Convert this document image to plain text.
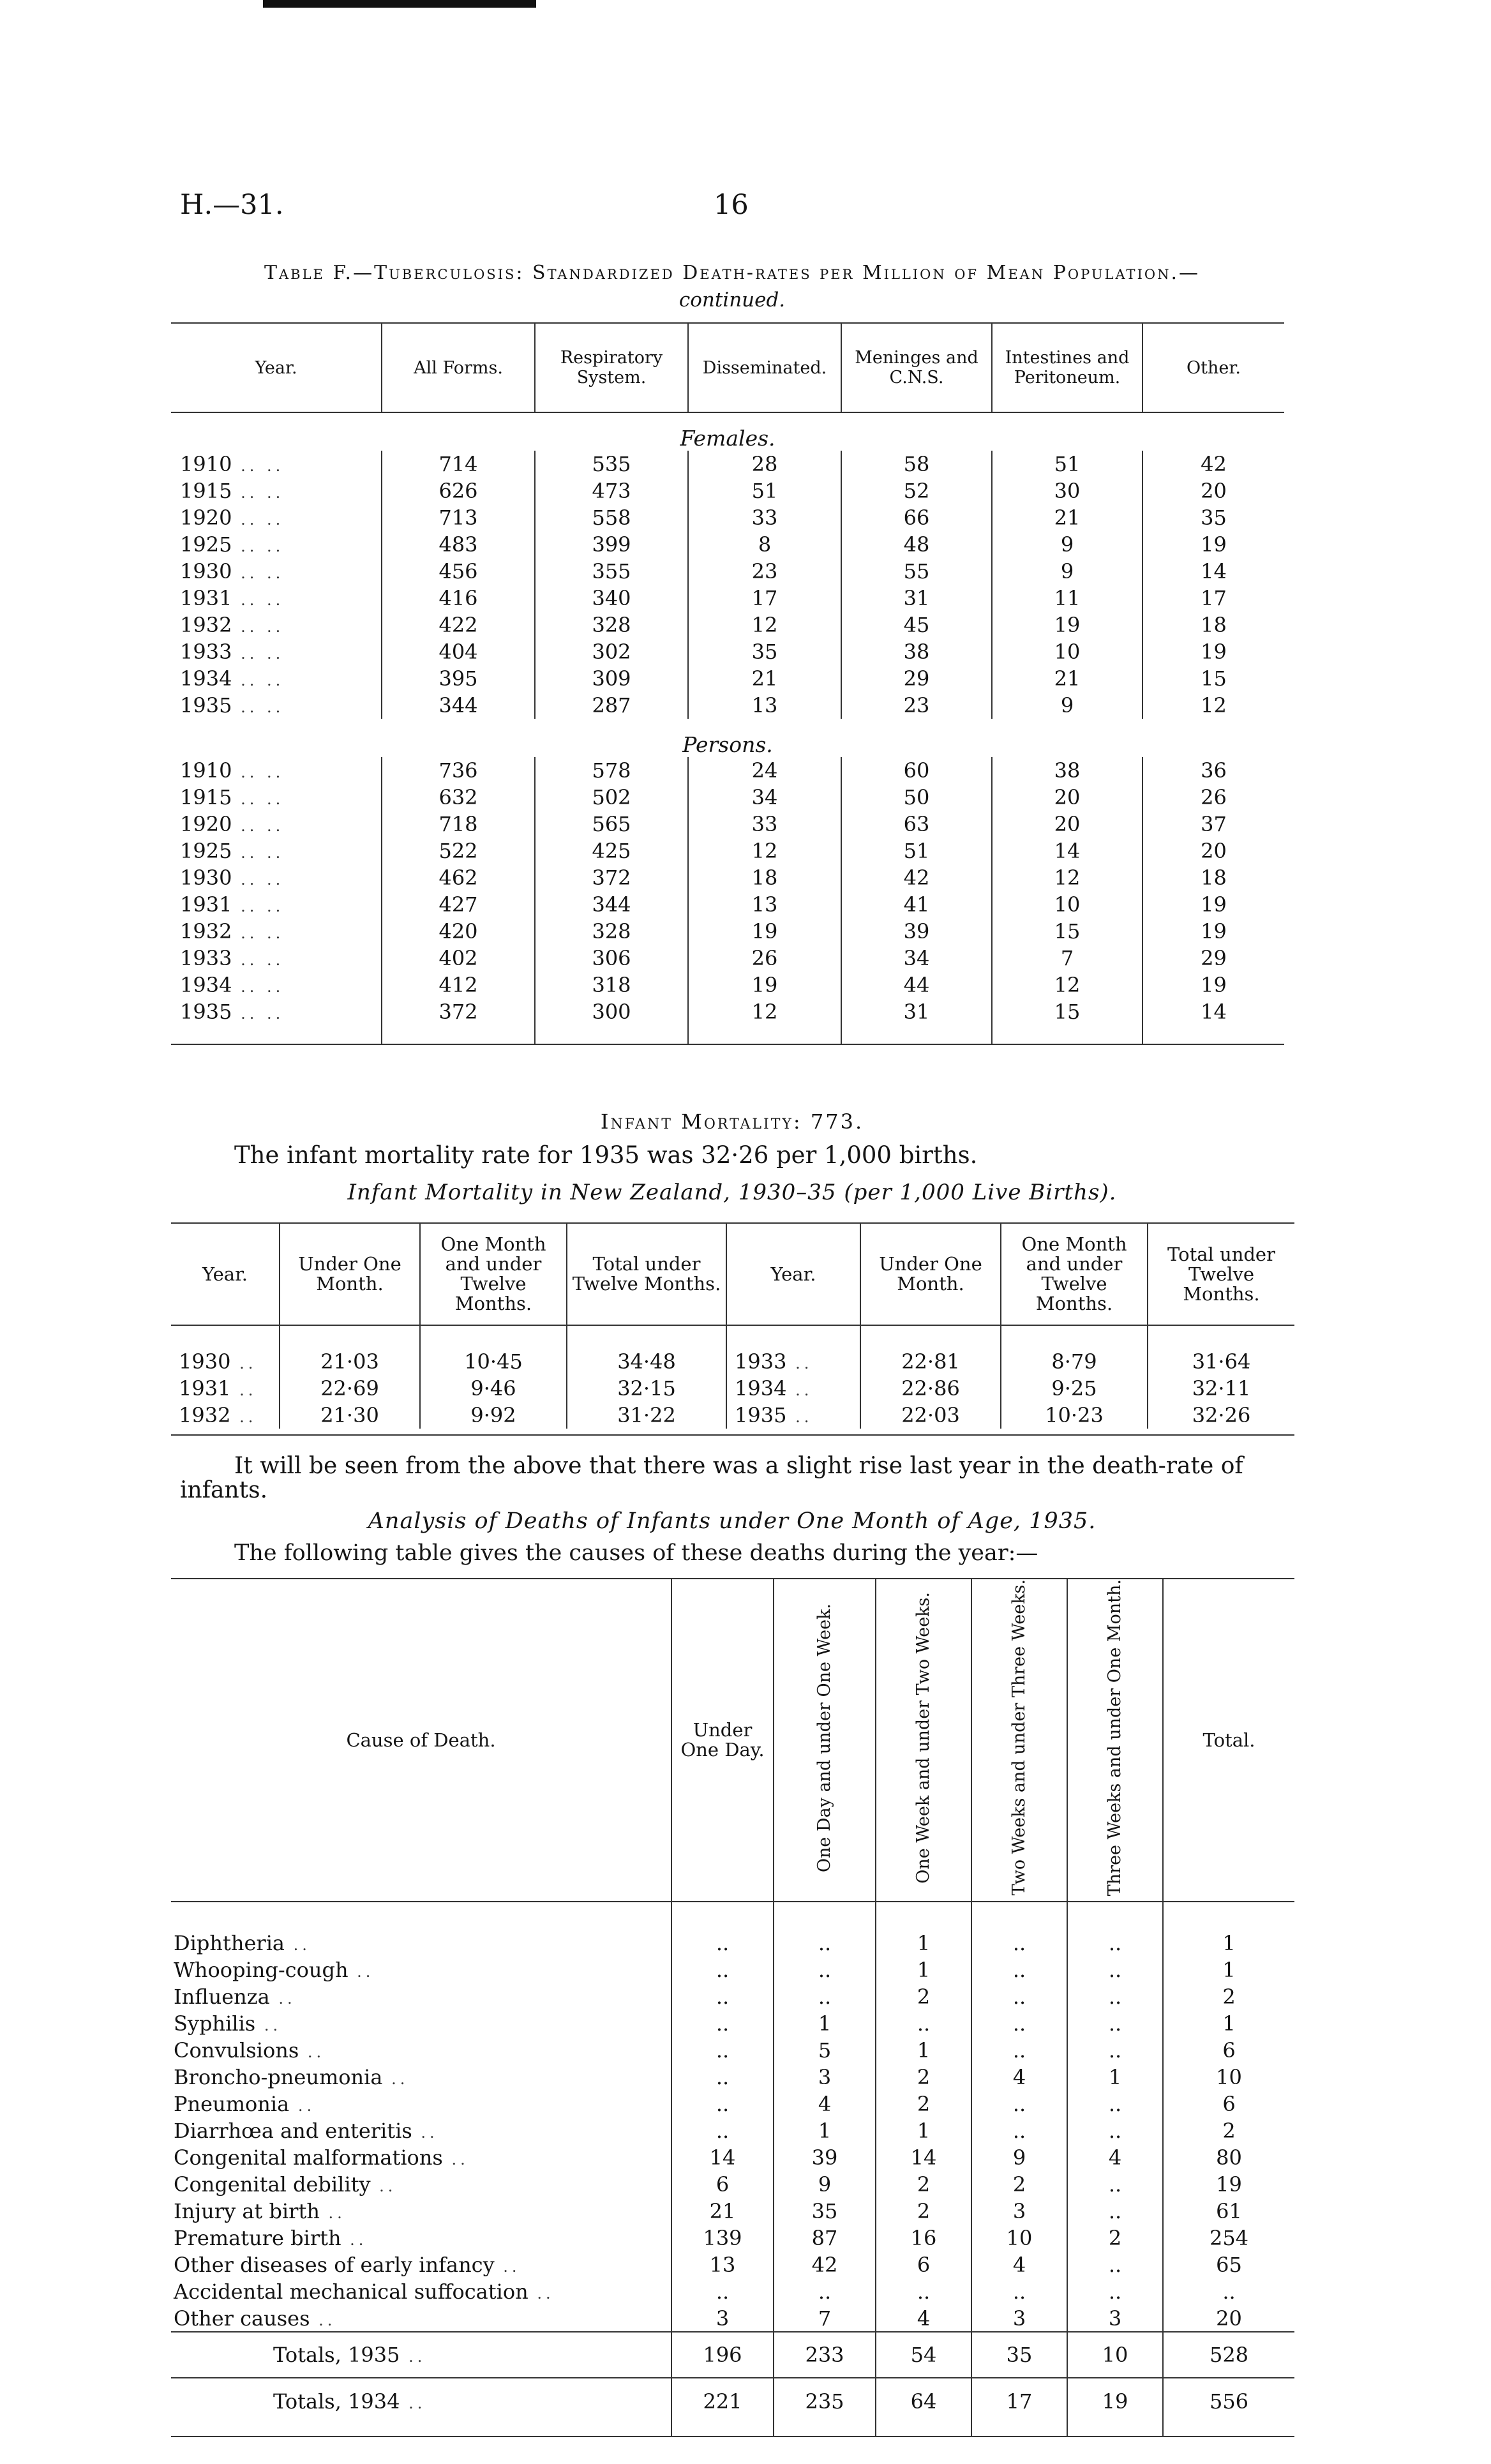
H.—31.	16
Table F.—Tuberculosis: Standardized Death-rates per Million of Mean Population.—
continued.
Year.	All Forms.	Respiratory System.	Disseminated.	Meninges and C.N.S.	Intestines and Peritoneum.	Other.
Females.						
1910 .. ..	714	535	28	58	51	42
1915 .. ..	626	473	51	52	30	20
1920 .. ..	713	558	33	66	21	35
1925 .. ..	483	399	8	48	9	19
1930 .. ..	456	355	23	55	9	14
1931 .. ..	416	340	17	31	11	17
1932 .. ..	422	328	12	45	19	18
1933 .. ..	404	302	35	38	10	19
1934 .. ..	395	309	21	29	21	15
1935 .. ..	344	287	13	23	9	12
Persons.						
1910 .. ..	736	578	24	60	38	36
1915 .. ..	632	502	34	50	20	26
1920 .. ..	718	565	33	63	20	37
1925 .. ..	522	425	12	51	14	20
1930 .. ..	462	372	18	42	12	18
1931 .. ..	427	344	13	41	10	19
1932 .. ..	420	328	19	39	15	19
1933 .. ..	402	306	26	34	7	29
1934 .. ..	412	318	19	44	12	19
1935 .. ..	372	300	12	31	15	14

Infant Mortality: 773.
The infant mortality rate for 1935 was 32·26 per 1,000 births.
Infant Mortality in New Zealand, 1930–35 (per 1,000 Live Births).
Year.	Under One Month.	One Month and under Twelve Months.	Total under Twelve Months.	Year.	Under One Month.	One Month and under Twelve Months.	Total under Twelve Months.

1930 ..	21·03	10·45	34·48	1933 ..	22·81	8·79	31·64
1931 ..	22·69	9·46	32·15	1934 ..	22·86	9·25	32·11
1932 ..	21·30	9·92	31·22	1935 ..	22·03	10·23	32·26

It will be seen from the above that there was a slight rise last year in the death-rate of infants.
Analysis of Deaths of Infants under One Month of Age, 1935.
The following table gives the causes of these deaths during the year:—
Cause of Death.	Under One Day.	One Day and under One Week.	One Week and under Two Weeks.	Two Weeks and under Three Weeks.	Three Weeks and under One Month.	Total.

Diphtheria ..	..	..	1	..	..	1
Whooping-cough ..	..	..	1	..	..	1
Influenza ..	..	..	2	..	..	2
Syphilis ..	..	1	..	..	..	1
Convulsions ..	..	5	1	..	..	6
Broncho-pneumonia ..	..	3	2	4	1	10
Pneumonia ..	..	4	2	..	..	6
Diarrhœa and enteritis ..	..	1	1	..	..	2
Congenital malformations ..	14	39	14	9	4	80
Congenital debility ..	6	9	2	2	..	19
Injury at birth ..	21	35	2	3	..	61
Premature birth ..	139	87	16	10	2	254
Other diseases of early infancy ..	13	42	6	4	..	65
Accidental mechanical suffocation ..	..	..	..	..	..	..
Other causes ..	3	7	4	3	3	20
Totals, 1935 ..	196	233	54	35	10	528
Totals, 1934 ..	221	235	64	17	19	556
